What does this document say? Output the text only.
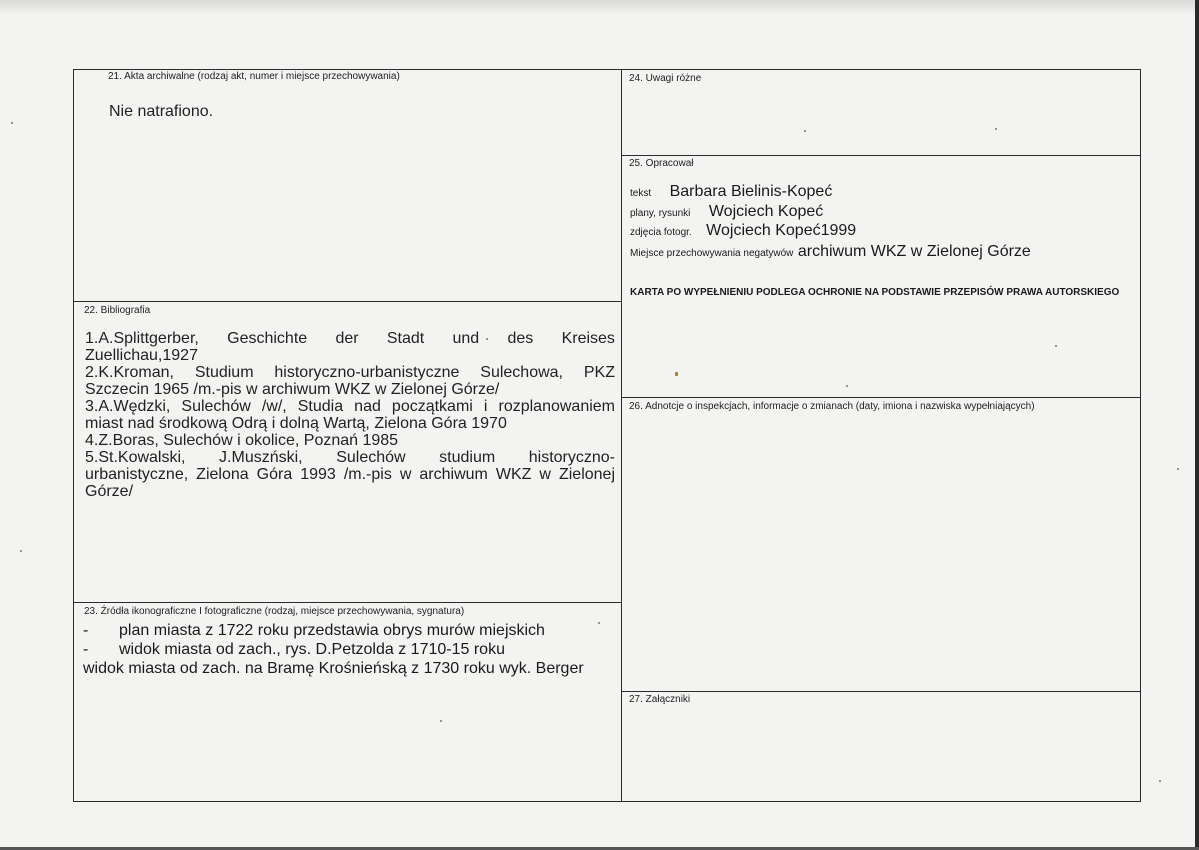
21. Akta archiwalne (rodzaj akt, numer i miejsce przechowywania)
Nie natrafiono.
22. Bibliografia
1.A.Splittgerber, Geschichte der Stadt und des Kreises
Zuellichau,1927
2.K.Kroman, Studium historyczno-urbanistyczne Sulechowa, PKZ
Szczecin 1965 /m.-pis w archiwum WKZ w Zielonej Górze/
3.A.Wędzki, Sulechów /w/, Studia nad początkami i rozplanowaniem
miast nad środkową Odrą i dolną Wartą, Zielona Góra 1970
4.Z.Boras, Sulechów i okolice, Poznań 1985
5.St.Kowalski, J.Muszński, Sulechów studium historyczno-
urbanistyczne, Zielona Góra 1993 /m.-pis w archiwum WKZ w Zielonej
Górze/
23. Źródła ikonograficzne I fotograficzne (rodzaj, miejsce przechowywania, sygnatura)
- plan miasta z 1722 roku przedstawia obrys murów miejskich
- widok miasta od zach., rys. D.Petzolda z 1710-15 roku
widok miasta od zach. na Bramę Krośnieńską z 1730 roku wyk. Berger
24. Uwagi różne
25. Opracował
tekst Barbara Bielinis-Kopeć
plany, rysunki Wojciech Kopeć
zdjęcia fotogr. Wojciech Kopeć1999
Miejsce przechowywania negatywów archiwum WKZ w Zielonej Górze
KARTA PO WYPEŁNIENIU PODLEGA OCHRONIE NA PODSTAWIE PRZEPISÓW PRAWA AUTORSKIEGO
26. Adnotcje o inspekcjach, informacje o zmianach (daty, imiona i nazwiska wypełniających)
27. Załączniki
